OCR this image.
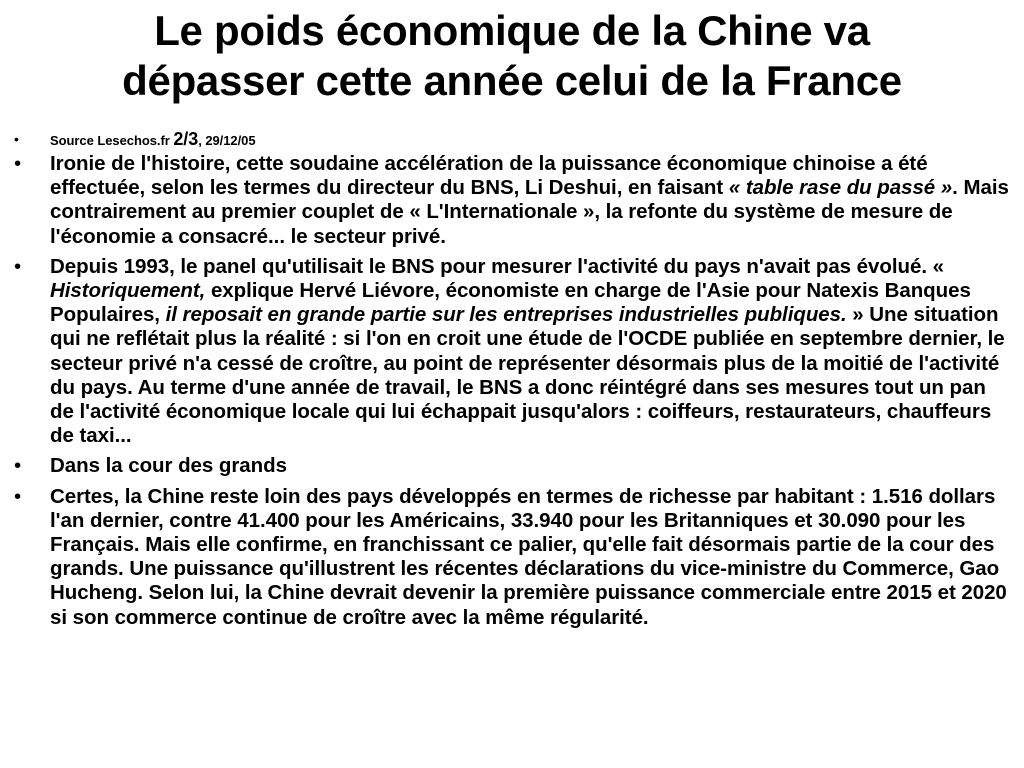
Le poids économique de la Chine va
dépasser cette année celui de la France
• Source Lesechos.fr 2/3, 29/12/05
• Ironie de l'histoire, cette soudaine accélération de la puissance économique chinoise a été effectuée, selon les termes du directeur du BNS, Li Deshui, en faisant « table rase du passé ». Mais contrairement au premier couplet de « L'Internationale », la refonte du système de mesure de l'économie a consacré... le secteur privé.
• Depuis 1993, le panel qu'utilisait le BNS pour mesurer l'activité du pays n'avait pas évolué. « Historiquement, explique Hervé Liévore, économiste en charge de l'Asie pour Natexis Banques Populaires, il reposait en grande partie sur les entreprises industrielles publiques. » Une situation qui ne reflétait plus la réalité : si l'on en croit une étude de l'OCDE publiée en septembre dernier, le secteur privé n'a cessé de croître, au point de représenter désormais plus de la moitié de l'activité du pays. Au terme d'une année de travail, le BNS a donc réintégré dans ses mesures tout un pan de l'activité économique locale qui lui échappait jusqu'alors : coiffeurs, restaurateurs, chauffeurs de taxi...
• Dans la cour des grands
• Certes, la Chine reste loin des pays développés en termes de richesse par habitant : 1.516 dollars l'an dernier, contre 41.400 pour les Américains, 33.940 pour les Britanniques et 30.090 pour les Français. Mais elle confirme, en franchissant ce palier, qu'elle fait désormais partie de la cour des grands. Une puissance qu'illustrent les récentes déclarations du vice-ministre du Commerce, Gao Hucheng. Selon lui, la Chine devrait devenir la première puissance commerciale entre 2015 et 2020 si son commerce continue de croître avec la même régularité.
